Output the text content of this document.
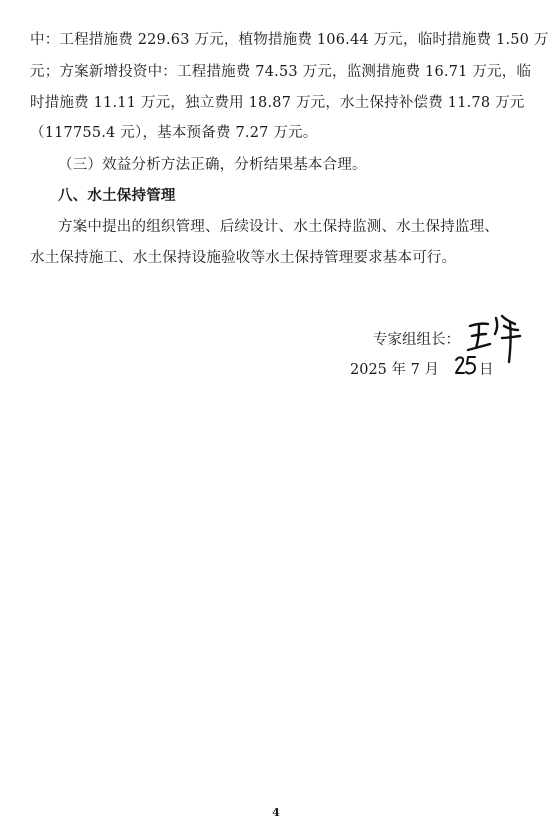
中：工程措施费 229.63 万元，植物措施费 106.44 万元，临时措施费 1.50 万
元；方案新增投资中：工程措施费 74.53 万元，监测措施费 16.71 万元，临
时措施费 11.11 万元，独立费用 18.87 万元，水土保持补偿费 11.78 万元
（117755.4 元），基本预备费 7.27 万元。
（三）效益分析方法正确，分析结果基本合理。
八、水土保持管理
方案中提出的组织管理、后续设计、水土保持监测、水土保持监理、
水土保持施工、水土保持设施验收等水土保持管理要求基本可行。
专家组组长：
2025 年 7 月	日
4
